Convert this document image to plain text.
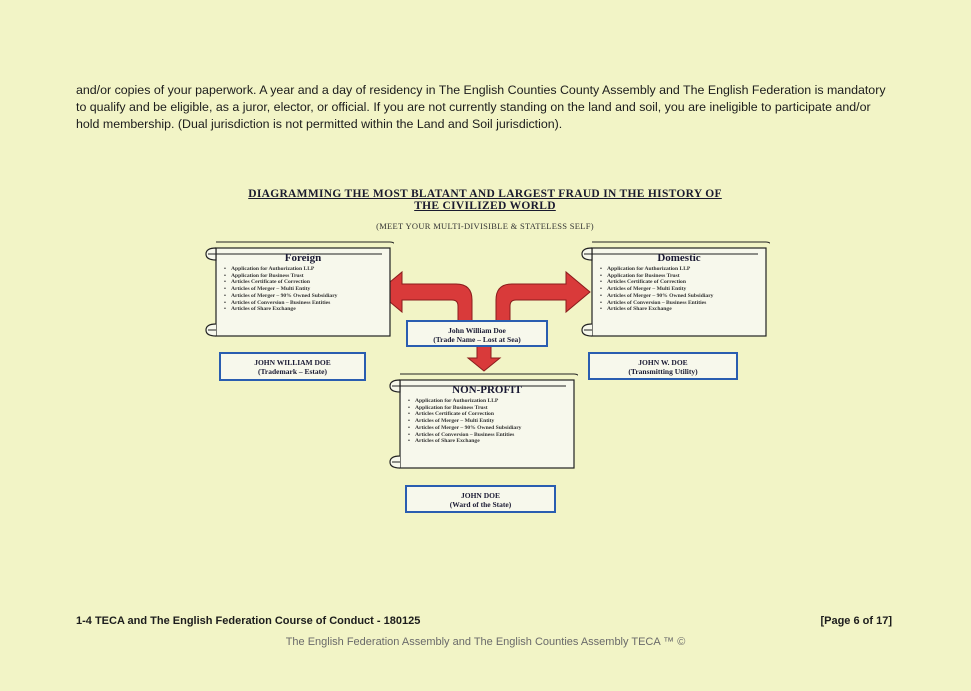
and/or copies of your paperwork. A year and a day of residency in The English Counties County Assembly and The English Federation is mandatory to qualify and be eligible, as a juror, elector, or official. If you are not currently standing on the land and soil, you are ineligible to participate and/or hold membership. (Dual jurisdiction is not permitted within the Land and Soil jurisdiction).

DIAGRAMMING THE MOST BLATANT AND LARGEST FRAUD IN THE HISTORY OF
THE CIVILIZED WORLD
(MEET YOUR MULTI-DIVISIBLE & STATELESS SELF)
Foreign
• Application for Authorization LLP
• Application for Business Trust
• Articles Certificate of Correction
• Articles of Merger – Multi Entity
• Articles of Merger – 90% Owned Subsidiary
• Articles of Conversion – Business Entities
• Articles of Share Exchange
JOHN WILLIAM DOE
(Trademark – Estate)
John William Doe
(Trade Name – Lost at Sea)
Domestic
• Application for Authorization LLP
• Application for Business Trust
• Articles Certificate of Correction
• Articles of Merger – Multi Entity
• Articles of Merger – 90% Owned Subsidiary
• Articles of Conversion – Business Entities
• Articles of Share Exchange
JOHN W. DOE
(Transmitting Utility)
NON-PROFIT
• Application for Authorization LLP
• Application for Business Trust
• Articles Certificate of Correction
• Articles of Merger – Multi Entity
• Articles of Merger – 90% Owned Subsidiary
• Articles of Conversion – Business Entities
• Articles of Share Exchange
JOHN DOE
(Ward of the State)
1-4 TECA and The English Federation Course of Conduct - 180125	[Page 6 of 17]
The English Federation Assembly and The English Counties Assembly TECA ™ ©
